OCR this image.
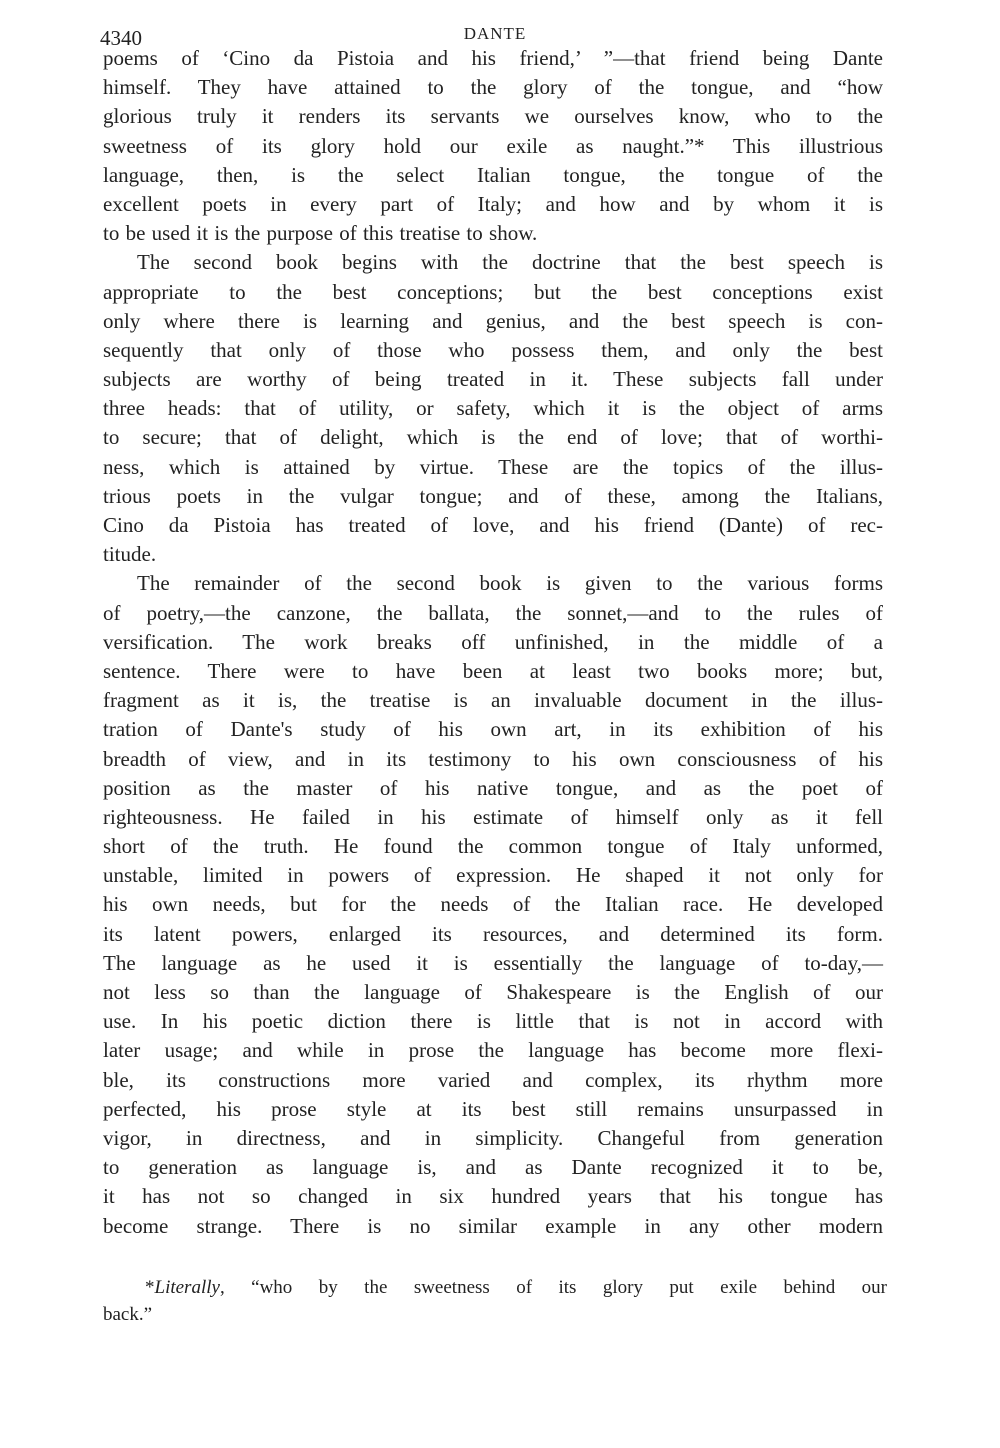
4340	DANTE
poems of ‘Cino da Pistoia and his friend,’ ”—that friend being Dante
himself. They have attained to the glory of the tongue, and “how
glorious truly it renders its servants we ourselves know, who to the
sweetness of its glory hold our exile as naught.”* This illustrious
language, then, is the select Italian tongue, the tongue of the
excellent poets in every part of Italy; and how and by whom it is
to be used it is the purpose of this treatise to show.
The second book begins with the doctrine that the best speech is
appropriate to the best conceptions; but the best conceptions exist
only where there is learning and genius, and the best speech is con-
sequently that only of those who possess them, and only the best
subjects are worthy of being treated in it. These subjects fall under
three heads: that of utility, or safety, which it is the object of arms
to secure; that of delight, which is the end of love; that of worthi-
ness, which is attained by virtue. These are the topics of the illus-
trious poets in the vulgar tongue; and of these, among the Italians,
Cino da Pistoia has treated of love, and his friend (Dante) of rec-
titude.
The remainder of the second book is given to the various forms
of poetry,—the canzone, the ballata, the sonnet,—and to the rules of
versification. The work breaks off unfinished, in the middle of a
sentence. There were to have been at least two books more; but,
fragment as it is, the treatise is an invaluable document in the illus-
tration of Dante's study of his own art, in its exhibition of his
breadth of view, and in its testimony to his own consciousness of his
position as the master of his native tongue, and as the poet of
righteousness. He failed in his estimate of himself only as it fell
short of the truth. He found the common tongue of Italy unformed,
unstable, limited in powers of expression. He shaped it not only for
his own needs, but for the needs of the Italian race. He developed
its latent powers, enlarged its resources, and determined its form.
The language as he used it is essentially the language of to-day,—
not less so than the language of Shakespeare is the English of our
use. In his poetic diction there is little that is not in accord with
later usage; and while in prose the language has become more flexi-
ble, its constructions more varied and complex, its rhythm more
perfected, his prose style at its best still remains unsurpassed in
vigor, in directness, and in simplicity. Changeful from generation
to generation as language is, and as Dante recognized it to be,
it has not so changed in six hundred years that his tongue has
become strange. There is no similar example in any other modern
*Literally, “who by the sweetness of its glory put exile behind our
back.”
